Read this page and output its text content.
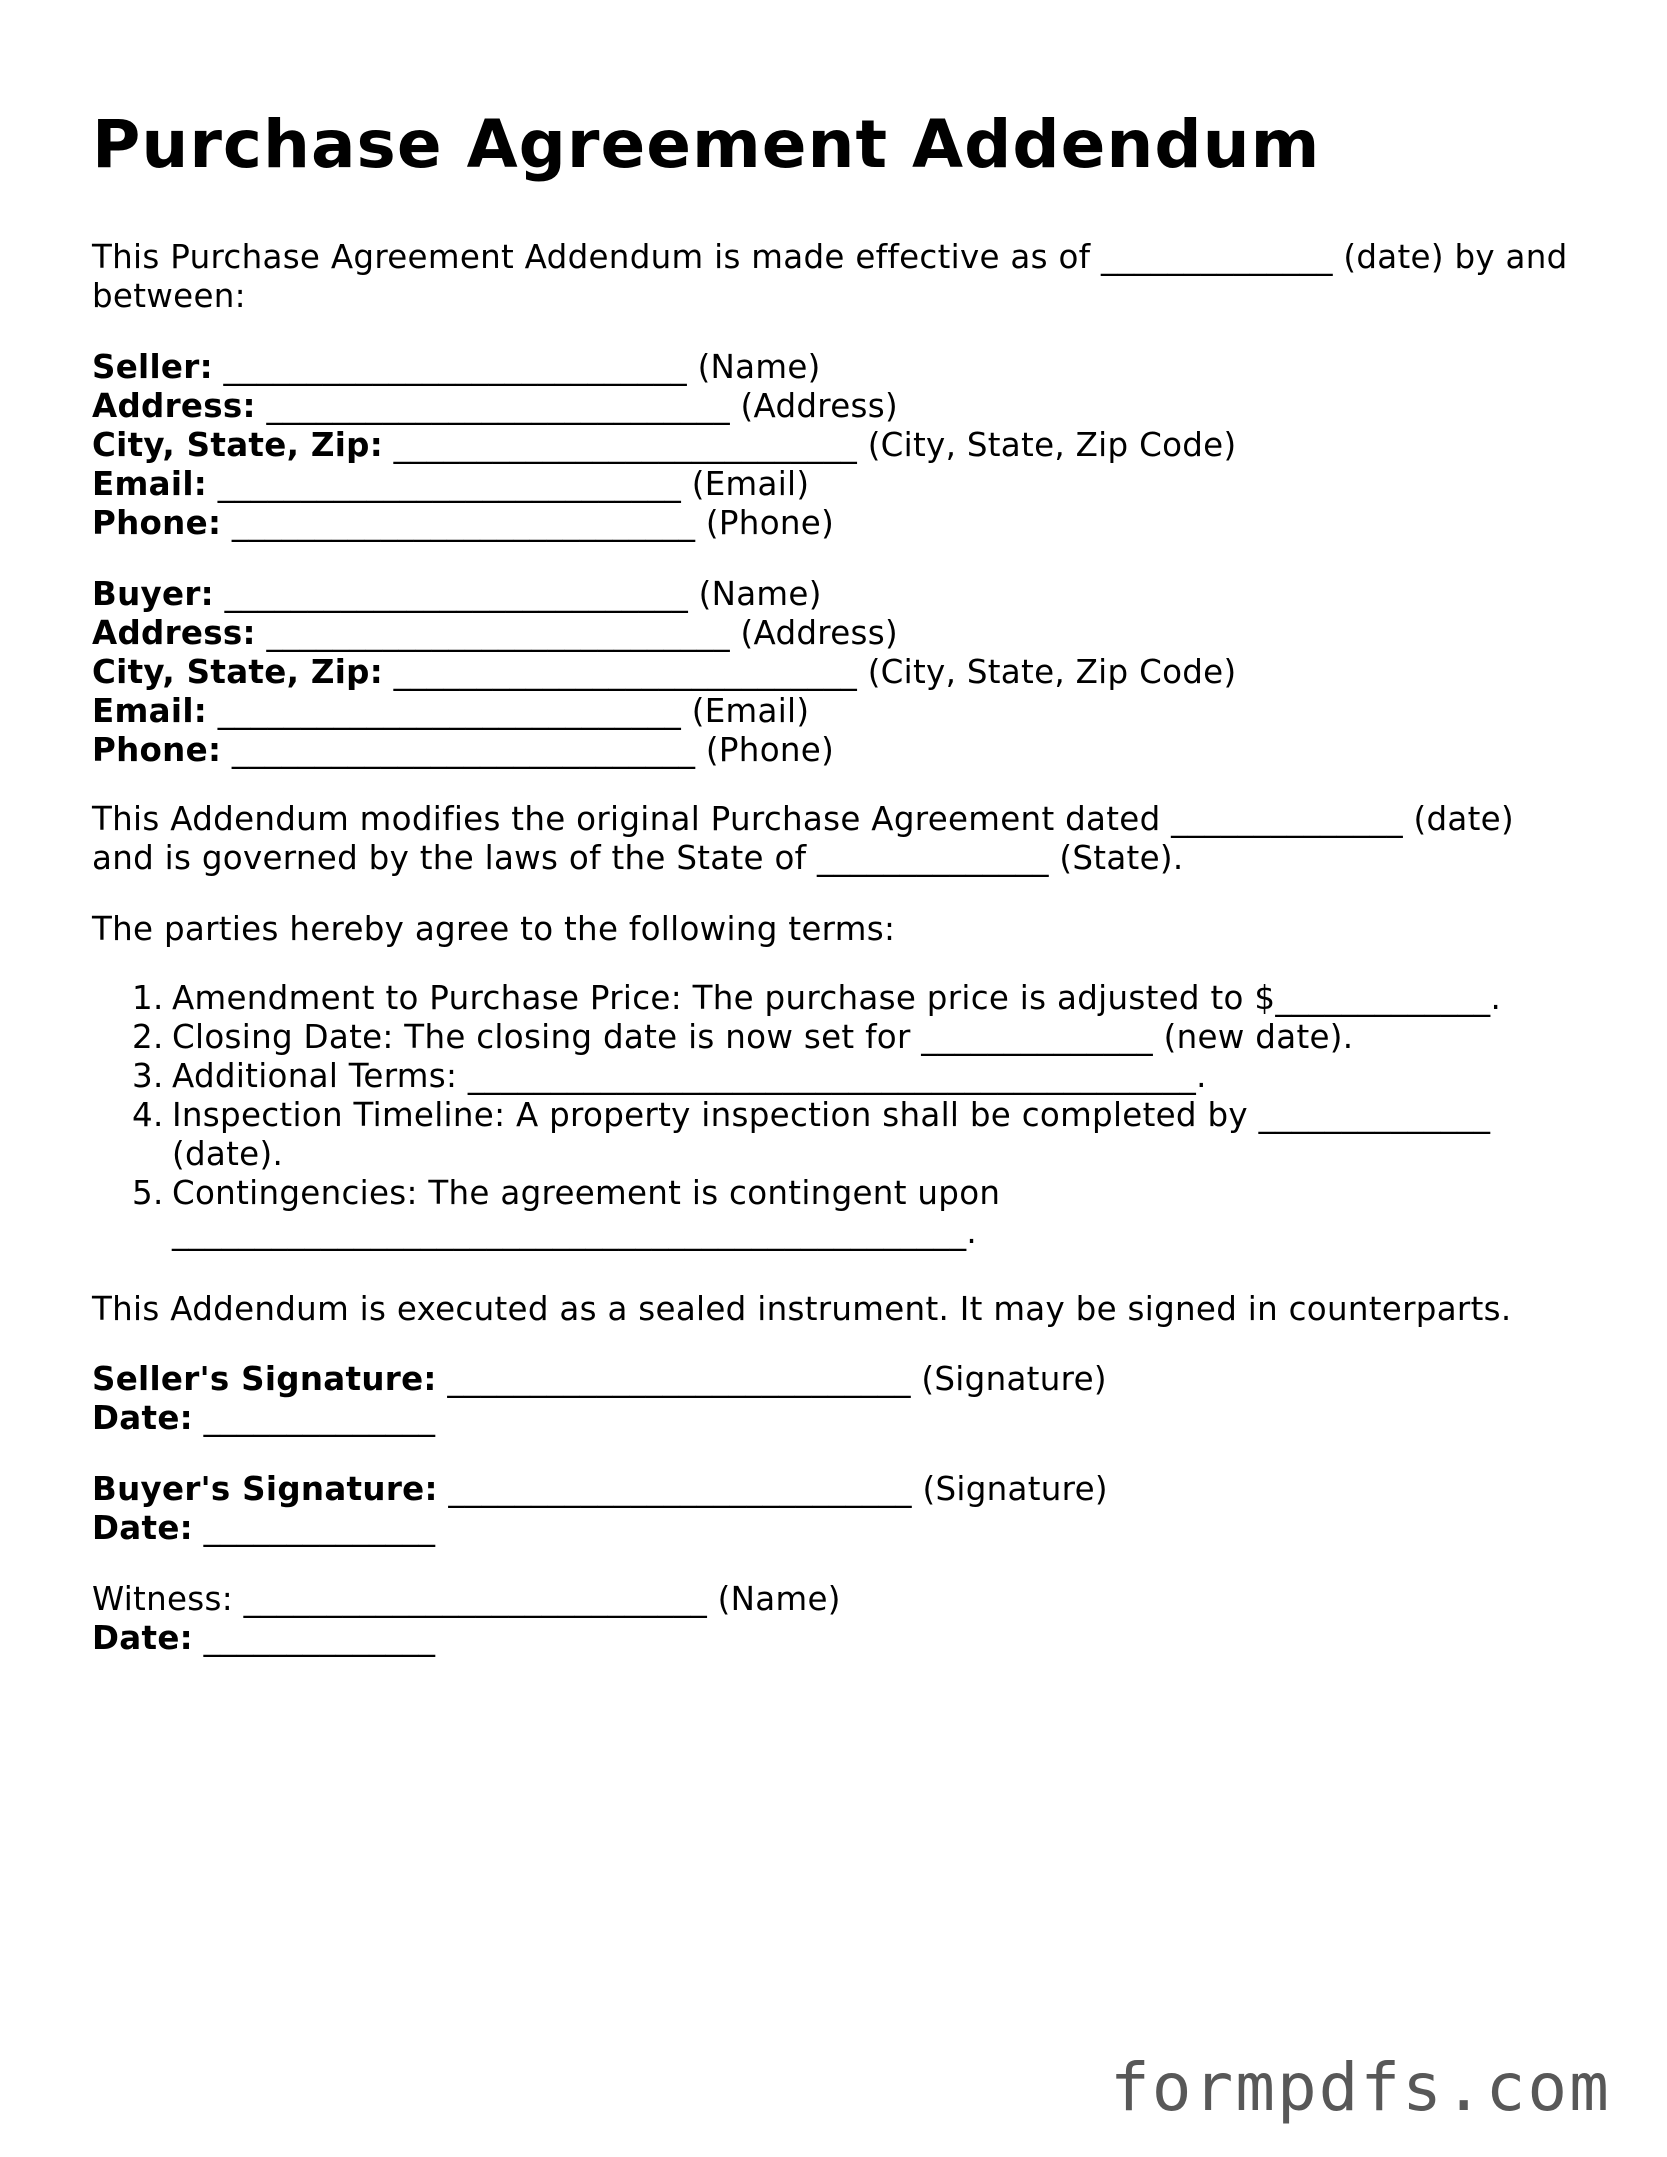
Purchase Agreement Addendum

This Purchase Agreement Addendum is made effective as of ______________ (date) by and
between:

Seller: ____________________________ (Name)
Address: ____________________________ (Address)
City, State, Zip: ____________________________ (City, State, Zip Code)
Email: ____________________________ (Email)
Phone: ____________________________ (Phone)
Buyer: ____________________________ (Name)
Address: ____________________________ (Address)
City, State, Zip: ____________________________ (City, State, Zip Code)
Email: ____________________________ (Email)
Phone: ____________________________ (Phone)

This Addendum modifies the original Purchase Agreement dated ______________ (date)
and is governed by the laws of the State of ______________ (State).

The parties hereby agree to the following terms:

1. Amendment to Purchase Price: The purchase price is adjusted to $_____________.
2. Closing Date: The closing date is now set for ______________ (new date).
3. Additional Terms: ____________________________________________.
4. Inspection Timeline: A property inspection shall be completed by ______________
(date).
5. Contingencies: The agreement is contingent upon
________________________________________________.

This Addendum is executed as a sealed instrument. It may be signed in counterparts.

Seller's Signature: ____________________________ (Signature)
Date: ______________
Buyer's Signature: ____________________________ (Signature)
Date: ______________
Witness: ____________________________ (Name)
Date: ______________
formpdfs.com
